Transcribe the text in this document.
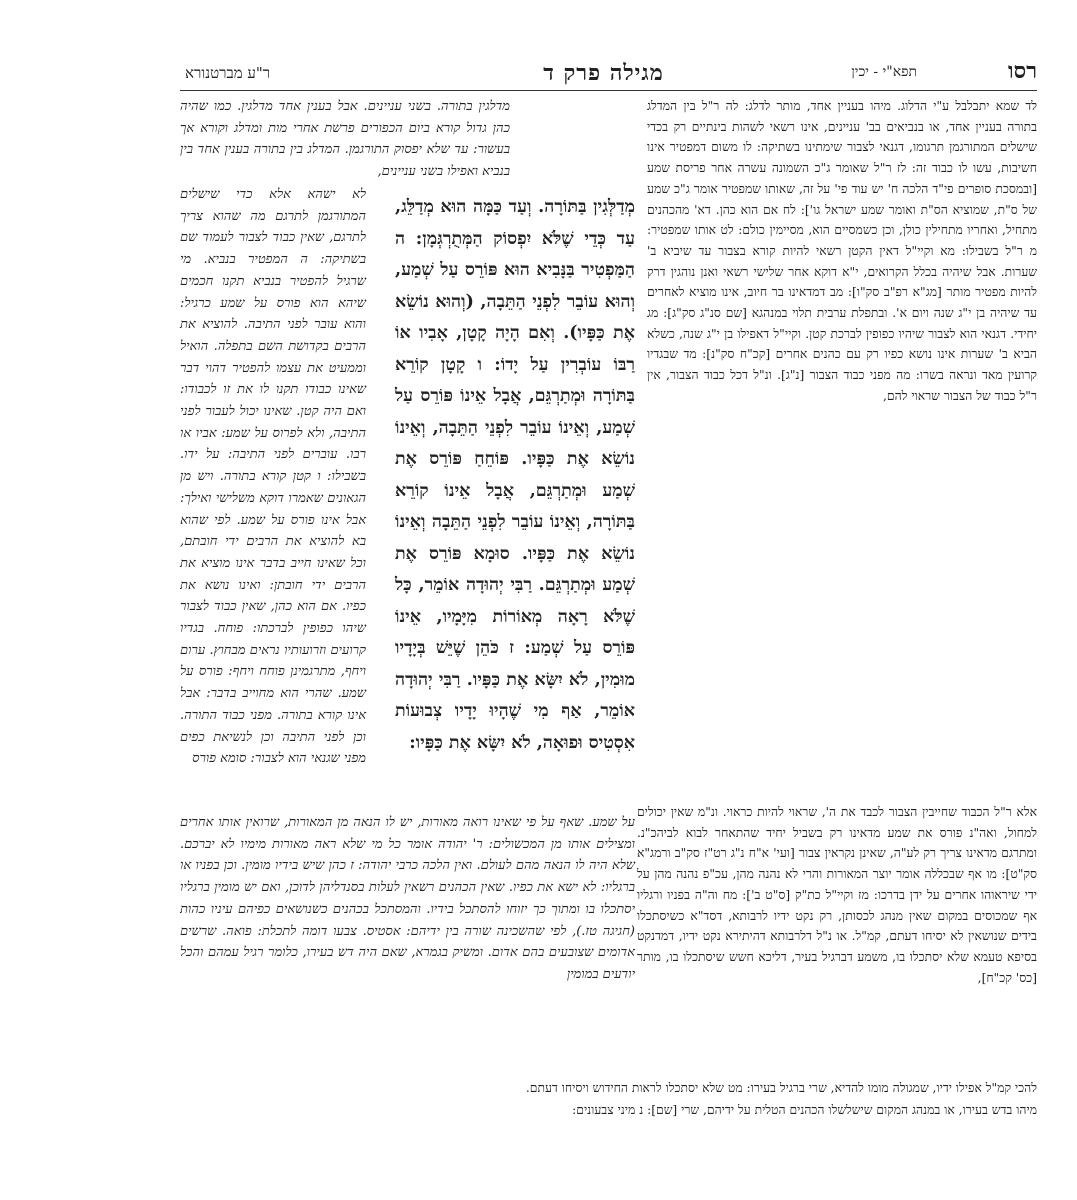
רסו
תפא"י - יכין
מגילה פרק ד
ר"ע מברטנורא

לד שמא יתבלבל ע"י הדלוג. מיהו בעניין אחד, מותר לדלג: לה ר"ל בין המדלג בתורה בעניין אחד, או בנביאים בב' עניינים, אינו רשאי לשהות בינתיים רק בכדי שישלים המתורגמן תרגומו, דגנאי לצבור שימתינו בשתיקה: לו משום דמפטיר אינו חשיבות, עשו לו כבוד זה: לז ר"ל שאומר ג"כ השמונה עשרה אחר פריסת שמע [ובמסכת סופרים פי"ד הלכה ח' יש עוד פי' על זה, שאותו שמפטיר אומר ג"כ שמע של ס"ת, שמוציא הס"ת ואומר שמע ישראל גו']: לח אם הוא כהן. דא' מהכהנים מתחיל, ואחריו מתחילין כולן, וכן כשמסיים הוא, מסיימין כולם: לט אותו שמפטיר: מ ר"ל בשבילו: מא וקיי"ל דאין הקטן רשאי להיות קורא בצבור עד שיביא ב' שערות. אבל שיהיה בכלל הקרואים, י"א דוקא אחר שלישי רשאי ואנן נוהגין דרק להיות מפטיר מותר [מג"א רפ"ב סק"ו]: מב דמדאינו בר חיוב, אינו מוציא לאחרים עד שיהיה בן י"ג שנה ויום א'. ובתפלת ערבית תלוי במנהגא [שם סנ"ג סק"ג]: מג יחידי. דגנאי הוא לצבור שיהיו כפופין לברכת קטן. וקיי"ל דאפילו בן י"ג שנה, כשלא הביא ב' שערות אינו נושא כפיו רק עם כהנים אחרים [קכ"ח סק"נ]: מד שבגדיו קרועין מאד ונראה בשרו: מה מפני כבוד הצבור [נ"ג]. ונ"ל דכל כבוד הצבור, אין ר"ל כבוד של הצבור שראוי להם,

מדלגין בתורה. בשני עניינים. אבל בענין אחד מדלגין. כמו שהיה כהן גדול קורא ביום הכפורים פרשת אחרי מות ומדלג וקורא אך בעשור: עד שלא יפסוק התורגמן. המדלג בין בתורה בענין אחד בין בנביא ואפילו בשני עניינים,

לא ישהא אלא כדי שישלים המתורגמן לתרגם מה שהוא צריך לתרגם, שאין כבוד לצבור לעמוד שם בשתיקה: ה המפטיר בנביא. מי שרגיל להפטיר בנביא תקנו חכמים שיהא הוא פורס על שמע כרגיל: והוא עובר לפני התיבה. להוציא את הרבים בקדושת השם בתפלה. הואיל וממעיט את עצמו להפטיר דהוי דבר שאינו כבודו תקנו לו את זו לכבודו: ואם היה קטן. שאינו יכול לעבור לפני התיבה, ולא לפרוס על שמע: אביו או רבו. עוברים לפני התיבה: על ידו. בשבילו: ו קטן קורא בתורה. ויש מן הגאונים שאמרו דוקא משלישי ואילך: אבל אינו פורס על שמע. לפי שהוא בא להוציא את הרבים ידי חובתם, וכל שאינו חייב בדבר אינו מוציא את הרבים ידי חובתן: ואינו נושא את כפיו. אם הוא כהן, שאין כבוד לצבור שיהו כפופין לברכתו: פוחח. בגדיו קרועים וזרועותיו נראים מבחוץ. ערום ויחף, מתרגמינן פוחח ויחף: פורס על שמע. שהרי הוא מחוייב בדבר: אבל אינו קורא בתורה. מפני כבוד התורה. וכן לפני התיבה וכן לנשיאת כפים מפני שגנאי הוא לצבור: סומא פורס

מְדַלְּגִין בַּתּוֹרָה. וְעַד כַּמָּה הוּא מְדַלֵּג, עַד כְּדֵי שֶׁלֹּא יִפְסוֹק הַמְּתֻרְגְּמָן: ה הַמַּפְטִיר בַּנָּבִיא הוּא פּוֹרֵס עַל שְׁמַע, וְהוּא עוֹבֵר לִפְנֵי הַתֵּבָה, (וְהוּא נוֹשֵׂא אֶת כַּפָּיו). וְאִם הָיָה קָטָן, אָבִיו אוֹ רַבּוֹ עוֹבְרִין עַל יָדוֹ: ו קָטָן קוֹרֵא בַּתּוֹרָה וּמְתַרְגֵּם, אֲבָל אֵינוֹ פּוֹרֵס עַל שְׁמַע, וְאֵינוֹ עוֹבֵר לִפְנֵי הַתֵּבָה, וְאֵינוֹ נוֹשֵׂא אֶת כַּפָּיו. פּוֹחֵחַ פּוֹרֵס אֶת שְׁמַע וּמְתַרְגֵּם, אֲבָל אֵינוֹ קוֹרֵא בַּתּוֹרָה, וְאֵינוֹ עוֹבֵר לִפְנֵי הַתֵּבָה וְאֵינוֹ נוֹשֵׂא אֶת כַּפָּיו. סוּמָא פּוֹרֵס אֶת שְׁמַע וּמְתַרְגֵּם. רַבִּי יְהוּדָה אוֹמֵר, כָּל שֶׁלֹּא רָאָה מְאוֹרוֹת מִיָּמָיו, אֵינוֹ פּוֹרֵס עַל שְׁמַע: ז כֹּהֵן שֶׁיֵּשׁ בְּיָדָיו מוּמִין, לֹא יִשָּׂא אֶת כַּפָּיו. רַבִּי יְהוּדָה אוֹמֵר, אַף מִי שֶׁהָיוּ יָדָיו צְבוּעוֹת אִסְטִיס וּפוּאָה, לֹא יִשָּׂא אֶת כַּפָּיו:

על שמע. שאף על פי שאינו רואה מאורות, יש לו הנאה מן המאורות, שרואין אותו אחרים ומצילים אותו מן המכשולים: ר' יהודה אומר כל מי שלא ראה מאורות מימיו לא יברכם. שלא היה לו הנאה מהם לעולם. ואין הלכה כרבי יהודה: ז כהן שיש בידיו מומין. וכן בפניו או ברגליו: לא ישא את כפיו. שאין הכהנים רשאין לעלות בסנדליהן לדוכן, ואם יש מומין ברגליו יסתכלו בו ומתוך כך יזוחו להסתכל בידיו. והמסתכל בכהנים כשנושאים כפיהם עיניו כהות (חגיגה טז.), לפי שהשכינה שורה בין ידיהם: אסטיס. צבעו דומה לתכלת: פואה. שרשים אדומים שצובעים בהם אדום. ומשיק בגמרא, שאם היה דש בעירו, כלומר רגיל עמהם והכל יודעים במומין

אלא ר"ל הכבוד שחייבין הצבור לכבד את ה', שראוי להיות כראוי. ונ"מ שאין יכולים למחול, ואה"נ פורס את שמע מדאינו רק בשביל יחיד שהתאחר לבוא לביהכ"נ. ומתרגם מדאינו צריך רק לע"ה, שאינן נקראין צבור [ועי' א"ח נ"ג רט"ז סק"ב ורמג"א סק"ט]: מו אף שבכללה אומר יוצר המאורות והרי לא נהנה מהן, עכ"פ נהנה מהן על ידי שיראוהו אחרים על ידן בדרכו: מז וקיי"ל כת"ק [ס"ט ב']: מח וה"ה בפניו ורגליו אף שמכוסים במקום שאין מנהג לכסותן, רק נקט ידיו לרבותא, דסד"א כשיסתכלו בידים שנושאין לא יסיחו דעתם, קמ"ל. או נ"ל דלרבותא דהיתירא נקט ידיו, דמדנקט בסיפא טעמא שלא יסתכלו בו, משמע דברגיל בעיר, דליכא חשש שיסתכלו בו, מותר [כס' קכ"ח],

להכי קמ"ל אפילו ידיו, שמגולה מומו להדיא, שרי ברגיל בעירו: מט שלא יסתכלו לראות החידוש ויסיחו דעתם.
מיהו בדש בעירו, או במנהג המקום שישלשלו הכהנים הטלית על ידיהם, שרי [שם]: נ מיני צבעונים:
